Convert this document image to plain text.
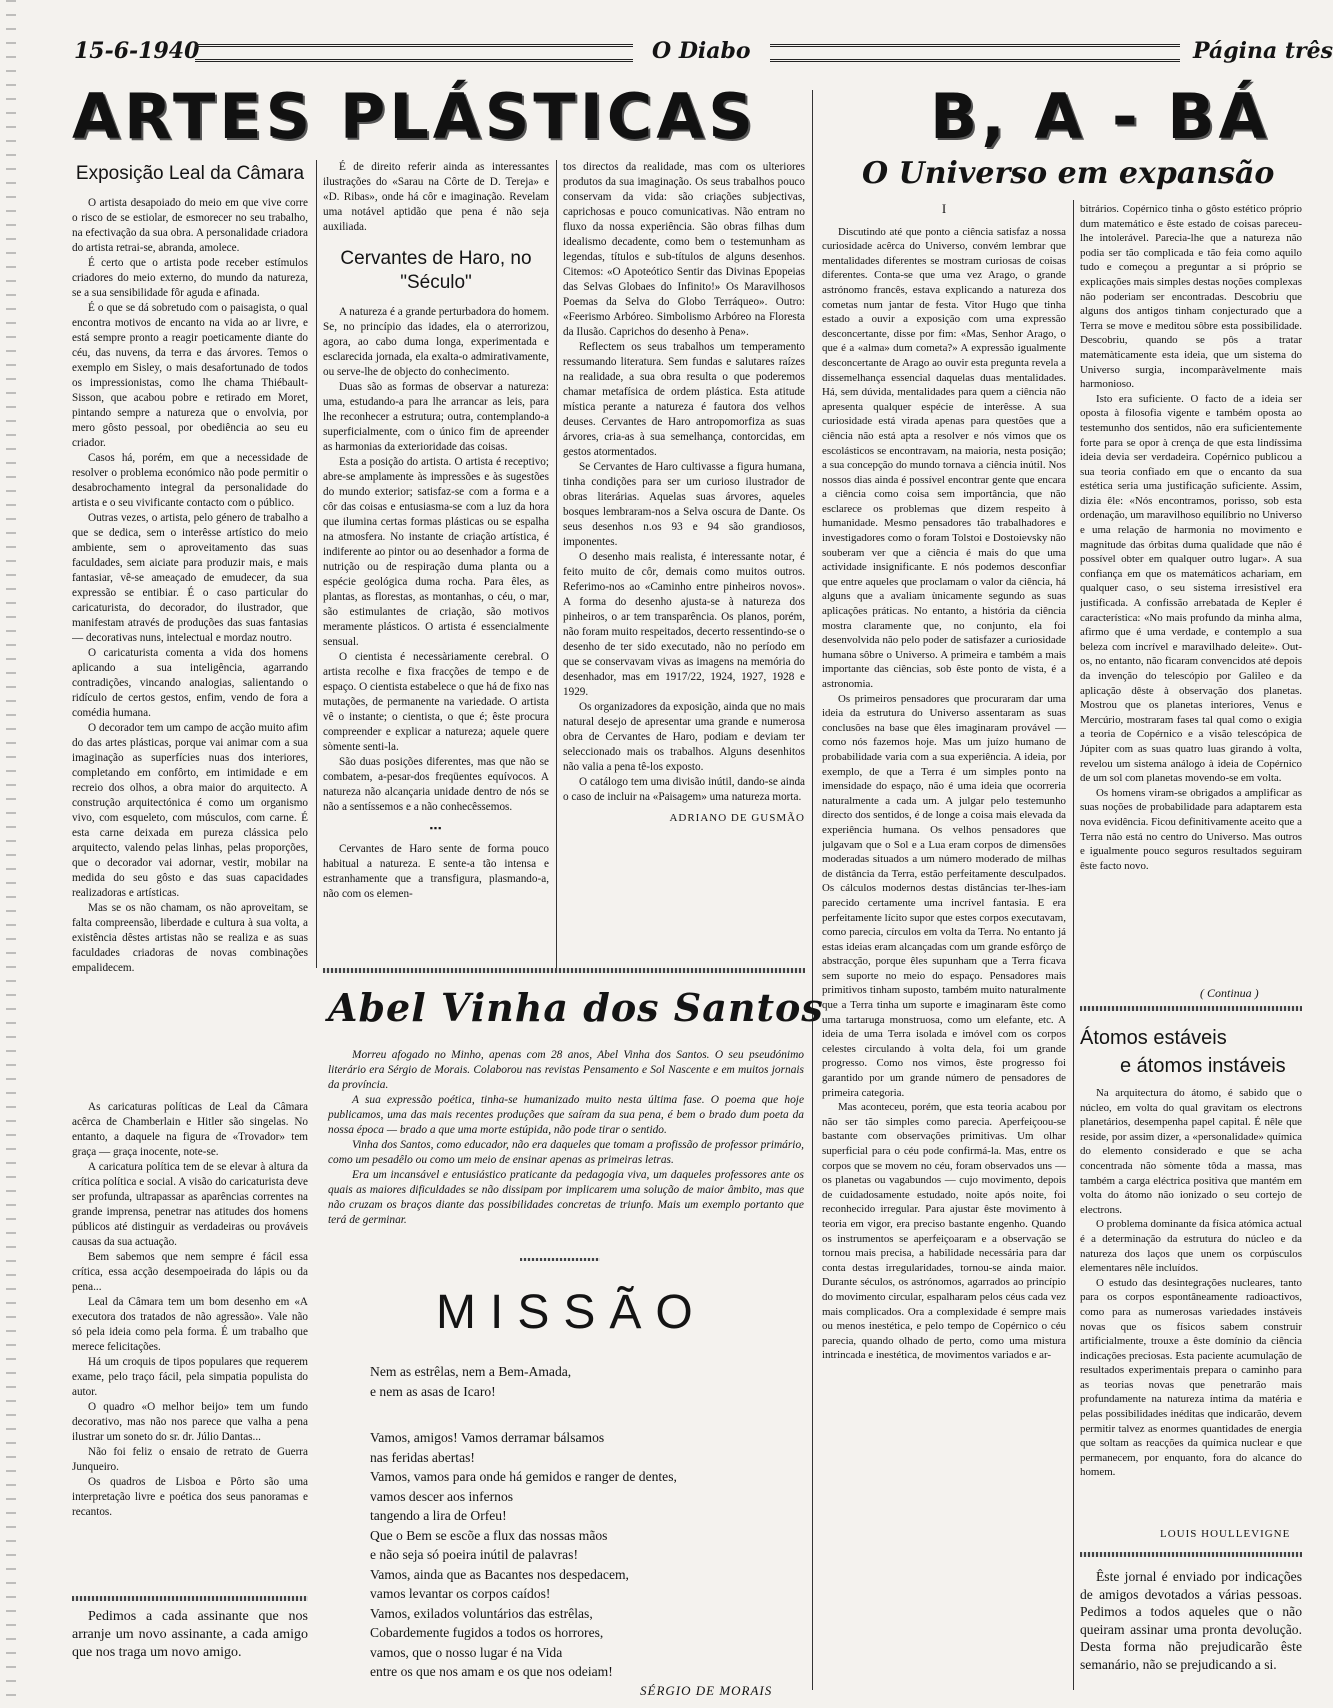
15-6-1940	O Diabo	Página três
ARTES PLÁSTICAS	B, A - BÁ
O Universo em expansão
Exposição Leal da Câmara

O artista desapoiado do meio em que vive corre o risco de se estiolar, de esmorecer no seu trabalho, na efectivação da sua obra. A personalidade criadora do artista retrai-se, abranda, amolece.

É certo que o artista pode receber estímulos criadores do meio externo, do mundo da natureza, se a sua sensibilidade fôr aguda e afinada.

É o que se dá sobretudo com o paisagista, o qual encontra motivos de encanto na vida ao ar livre, e está sempre pronto a reagir poeticamente diante do céu, das nuvens, da terra e das árvores. Temos o exemplo em Sisley, o mais desafortunado de todos os impressionistas, como lhe chama Thiébault-Sisson, que acabou pobre e retirado em Moret, pintando sempre a natureza que o envolvia, por mero gôsto pessoal, por obediência ao seu eu criador.

Casos há, porém, em que a necessidade de resolver o problema económico não pode permitir o desabrochamento integral da personalidade do artista e o seu vivificante contacto com o público.

Outras vezes, o artista, pelo género de trabalho a que se dedica, sem o interêsse artístico do meio ambiente, sem o aproveitamento das suas faculdades, sem aiciate para produzir mais, e mais fantasiar, vê-se ameaçado de emudecer, da sua expressão se entibiar. É o caso particular do caricaturista, do decorador, do ilustrador, que manifestam através de produções das suas fantasias — decorativas nuns, intelectual e mordaz noutro.

O caricaturista comenta a vida dos homens aplicando a sua inteligência, agarrando contradições, vincando analogias, salientando o ridículo de certos gestos, enfim, vendo de fora a comédia humana.

O decorador tem um campo de acção muito afim do das artes plásticas, porque vai animar com a sua imaginação as superfícies nuas dos interiores, completando em confôrto, em intimidade e em recreio dos olhos, a obra maior do arquitecto. A construção arquitectónica é como um organismo vivo, com esqueleto, com músculos, com carne. É esta carne deixada em pureza clássica pelo arquitecto, valendo pelas linhas, pelas proporções, que o decorador vai adornar, vestir, mobilar na medida do seu gôsto e das suas capacidades realizadoras e artísticas.

Mas se os não chamam, os não aproveitam, se falta compreensão, liberdade e cultura à sua volta, a existência dêstes artistas não se realiza e as suas faculdades criadoras de novas combinações empalidecem.

As caricaturas políticas de Leal da Câmara acêrca de Chamberlain e Hitler são singelas. No entanto, a daquele na figura de «Trovador» tem graça — graça inocente, note-se.

A caricatura política tem de se elevar à altura da crítica política e social. A visão do caricaturista deve ser profunda, ultrapassar as aparências correntes na grande imprensa, penetrar nas atitudes dos homens públicos até distinguir as verdadeiras ou prováveis causas da sua actuação.

Bem sabemos que nem sempre é fácil essa crítica, essa acção desempoeirada do lápis ou da pena...

Leal da Câmara tem um bom desenho em «A executora dos tratados de não agressão». Vale não só pela ideia como pela forma. É um trabalho que merece felicitações.

Há um croquis de tipos populares que requerem exame, pelo traço fácil, pela simpatia populista do autor.

O quadro «O melhor beijo» tem um fundo decorativo, mas não nos parece que valha a pena ilustrar um soneto do sr. dr. Júlio Dantas...

Não foi feliz o ensaio de retrato de Guerra Junqueiro.

Os quadros de Lisboa e Pôrto são uma interpretação livre e poética dos seus panoramas e recantos.

Pedimos a cada assinante que nos arranje um novo assinante, a cada amigo que nos traga um novo amigo.

É de direito referir ainda as interessantes ilustrações do «Sarau na Côrte de D. Tereja» e «D. Ribas», onde há côr e imaginação. Revelam uma notável aptidão que pena é não seja auxiliada.

Cervantes de Haro, no "Século"

A natureza é a grande perturbadora do homem. Se, no princípio das idades, ela o aterrorizou, agora, ao cabo duma longa, experimentada e esclarecida jornada, ela exalta-o admirativamente, ou serve-lhe de objecto do conhecimento.

Duas são as formas de observar a natureza: uma, estudando-a para lhe arrancar as leis, para lhe reconhecer a estrutura; outra, contemplando-a superficialmente, com o único fim de apreender as harmonias da exterioridade das coisas.

Esta a posição do artista. O artista é receptivo; abre-se amplamente às impressões e às sugestões do mundo exterior; satisfaz-se com a forma e a côr das coisas e entusiasma-se com a luz da hora que ilumina certas formas plásticas ou se espalha na atmosfera. No instante de criação artística, é indiferente ao pintor ou ao desenhador a forma de nutrição ou de respiração duma planta ou a espécie geológica duma rocha. Para êles, as plantas, as florestas, as montanhas, o céu, o mar, são estimulantes de criação, são motivos meramente plásticos. O artista é essencialmente sensual.

O cientista é necessàriamente cerebral. O artista recolhe e fixa fracções de tempo e de espaço. O cientista estabelece o que há de fixo nas mutações, de permanente na variedade. O artista vê o instante; o cientista, o que é; êste procura compreender e explicar a natureza; aquele quere sòmente senti-la.

São duas posições diferentes, mas que não se combatem, a-pesar-dos freqüentes equívocos. A natureza não alcançaria unidade dentro de nós se não a sentíssemos e a não conhecêssemos.

▪▪▪

Cervantes de Haro sente de forma pouco habitual a natureza. E sente-a tão intensa e estranhamente que a transfigura, plasmando-a, não com os elemen-

tos directos da realidade, mas com os ulteriores produtos da sua imaginação. Os seus trabalhos pouco conservam da vida: são criações subjectivas, caprichosas e pouco comunicativas. Não entram no fluxo da nossa experiência. São obras filhas dum idealismo decadente, como bem o testemunham as legendas, títulos e sub-títulos de alguns desenhos. Citemos: «O Apoteótico Sentir das Divinas Epopeias das Selvas Globaes do Infinito!» Os Maravilhosos Poemas da Selva do Globo Terráqueo». Outro: «Feerismo Arbóreo. Simbolismo Arbóreo na Floresta da Ilusão. Caprichos do desenho à Pena».

Reflectem os seus trabalhos um temperamento ressumando literatura. Sem fundas e salutares raízes na realidade, a sua obra resulta o que poderemos chamar metafísica de ordem plástica. Esta atitude mística perante a natureza é fautora dos velhos deuses. Cervantes de Haro antropomorfiza as suas árvores, cria-as à sua semelhança, contorcidas, em gestos atormentados.

Se Cervantes de Haro cultivasse a figura humana, tinha condições para ser um curioso ilustrador de obras literárias. Aquelas suas árvores, aqueles bosques lembraram-nos a Selva oscura de Dante. Os seus desenhos n.os 93 e 94 são grandiosos, imponentes.

O desenho mais realista, é interessante notar, é feito muito de côr, demais como muitos outros. Referimo-nos ao «Caminho entre pinheiros novos». A forma do desenho ajusta-se à natureza dos pinheiros, o ar tem transparência. Os planos, porém, não foram muito respeitados, decerto ressentindo-se o desenho de ter sido executado, não no período em que se conservavam vivas as imagens na memória do desenhador, mas em 1917/22, 1924, 1927, 1928 e 1929.

Os organizadores da exposição, ainda que no mais natural desejo de apresentar uma grande e numerosa obra de Cervantes de Haro, podiam e deviam ter seleccionado mais os trabalhos. Alguns desenhitos não valia a pena tê-los exposto.

O catálogo tem uma divisão inútil, dando-se ainda o caso de incluir na «Paisagem» uma natureza morta.

ADRIANO DE GUSMÃO
Abel Vinha dos Santos

Morreu afogado no Minho, apenas com 28 anos, Abel Vinha dos Santos. O seu pseudónimo literário era Sérgio de Morais. Colaborou nas revistas Pensamento e Sol Nascente e em muitos jornais da província.

A sua expressão poética, tinha-se humanizado muito nesta última fase. O poema que hoje publicamos, uma das mais recentes produções que saíram da sua pena, é bem o brado dum poeta da nossa época — brado a que uma morte estúpida, não pode tirar o sentido.

Vinha dos Santos, como educador, não era daqueles que tomam a profissão de professor primário, como um pesadêlo ou como um meio de ensinar apenas as primeiras letras.

Era um incansável e entusiástico praticante da pedagogia viva, um daqueles professores ante os quais as maiores dificuldades se não dissipam por implicarem uma solução de maior âmbito, mas que não cruzam os braços diante das possibilidades concretas de triunfo. Mais um exemplo portanto que terá de germinar.

MISSÃO
Nem as estrêlas, nem a Bem-Amada,
e nem as asas de Icaro!
Vamos, amigos! Vamos derramar bálsamos
nas feridas abertas!
Vamos, vamos para onde há gemidos e ranger de dentes,
vamos descer aos infernos
tangendo a lira de Orfeu!
Que o Bem se escõe a flux das nossas mãos
e não seja só poeira inútil de palavras!
Vamos, ainda que as Bacantes nos despedacem,
vamos levantar os corpos caídos!
Vamos, exilados voluntários das estrêlas,
Cobardemente fugidos a todos os horrores,
vamos, que o nosso lugar é na Vida
entre os que nos amam e os que nos odeiam!
SÉRGIO DE MORAIS
I

Discutindo até que ponto a ciência satisfaz a nossa curiosidade acêrca do Universo, convém lembrar que mentalidades diferentes se mostram curiosas de coisas diferentes. Conta-se que uma vez Arago, o grande astrónomo francês, estava explicando a natureza dos cometas num jantar de festa. Vitor Hugo que tinha estado a ouvir a exposição com uma expressão desconcertante, disse por fim: «Mas, Senhor Arago, o que é a «alma» dum cometa?» A expressão igualmente desconcertante de Arago ao ouvir esta pregunta revela a dissemelhança essencial daquelas duas mentalidades. Há, sem dúvida, mentalidades para quem a ciência não apresenta qualquer espécie de interêsse. A sua curiosidade está virada apenas para questões que a ciência não está apta a resolver e nós vimos que os escolásticos se encontravam, na maioria, nesta posição; a sua concepção do mundo tornava a ciência inútil. Nos nossos dias ainda é possível encontrar gente que encara a ciência como coisa sem importância, que não esclarece os problemas que dizem respeito à humanidade. Mesmo pensadores tão trabalhadores e investigadores como o foram Tolstoi e Dostoievsky não souberam ver que a ciência é mais do que uma actividade insignificante. E nós podemos desconfiar que entre aqueles que proclamam o valor da ciência, há alguns que a avaliam ùnicamente segundo as suas aplicações práticas. No entanto, a história da ciência mostra claramente que, no conjunto, ela foi desenvolvida não pelo poder de satisfazer a curiosidade humana sôbre o Universo. A primeira e também a mais importante das ciências, sob êste ponto de vista, é a astronomia.

Os primeiros pensadores que procuraram dar uma ideia da estrutura do Universo assentaram as suas conclusões na base que êles imaginaram provável — como nós fazemos hoje. Mas um juízo humano de probabilidade varia com a sua experiência. A ideia, por exemplo, de que a Terra é um simples ponto na imensidade do espaço, não é uma ideia que ocorreria naturalmente a cada um. A julgar pelo testemunho directo dos sentidos, é de longe a coisa mais elevada da experiência humana. Os velhos pensadores que julgavam que o Sol e a Lua eram corpos de dimensões moderadas situados a um número moderado de milhas de distância da Terra, estão perfeitamente desculpados. Os cálculos modernos destas distâncias ter-lhes-iam parecido certamente uma incrível fantasia. E era perfeitamente lícito supor que estes corpos executavam, como parecia, círculos em volta da Terra. No entanto já estas ideias eram alcançadas com um grande esfôrço de abstracção, porque êles supunham que a Terra ficava sem suporte no meio do espaço. Pensadores mais primitivos tinham suposto, também muito naturalmente que a Terra tinha um suporte e imaginaram êste como uma tartaruga monstruosa, como um elefante, etc. A ideia de uma Terra isolada e imóvel com os corpos celestes circulando à volta dela, foi um grande progresso. Como nos vimos, êste progresso foi garantido por um grande número de pensadores de primeira categoria.

Mas aconteceu, porém, que esta teoria acabou por não ser tão simples como parecia. Aperfeiçoou-se bastante com observações primitivas. Um olhar superficial para o céu pode confirmá-la. Mas, entre os corpos que se movem no céu, foram observados uns — os planetas ou vagabundos — cujo movimento, depois de cuidadosamente estudado, noite após noite, foi reconhecido irregular. Para ajustar êste movimento à teoria em vigor, era preciso bastante engenho. Quando os instrumentos se aperfeiçoaram e a observação se tornou mais precisa, a habilidade necessária para dar conta destas irregularidades, tornou-se ainda maior. Durante séculos, os astrónomos, agarrados ao princípio do movimento circular, espalharam pelos céus cada vez mais complicados. Ora a complexidade é sempre mais ou menos inestética, e pelo tempo de Copérnico o céu parecia, quando olhado de perto, como uma mistura intrincada e inestética, de movimentos variados e ar-

bitrários. Copérnico tinha o gôsto estético próprio dum matemático e êste estado de coisas pareceu-lhe intolerável. Parecia-lhe que a natureza não podia ser tão complicada e tão feia como aquilo tudo e começou a preguntar a si próprio se explicações mais simples destas noções complexas não poderiam ser encontradas. Descobriu que alguns dos antigos tinham conjecturado que a Terra se move e meditou sôbre esta possibilidade. Descobriu, quando se pôs a tratar matemàticamente esta ideia, que um sistema do Universo surgia, incomparàvelmente mais harmonioso.

Isto era suficiente. O facto de a ideia ser oposta à filosofia vigente e também oposta ao testemunho dos sentidos, não era suficientemente forte para se opor à crença de que esta lindíssima ideia devia ser verdadeira. Copérnico publicou a sua teoria confiado em que o encanto da sua estética seria uma justificação suficiente. Assim, dizia êle: «Nós encontramos, porisso, sob esta ordenação, um maravilhoso equilíbrio no Universo e uma relação de harmonia no movimento e magnitude das órbitas duma qualidade que não é possível obter em qualquer outro lugar». A sua confiança em que os matemáticos achariam, em qualquer caso, o seu sistema irresistível era justificada. A confissão arrebatada de Kepler é característica: «No mais profundo da minha alma, afirmo que é uma verdade, e contemplo a sua beleza com incrível e maravilhado deleite». Out-os, no entanto, não ficaram convencidos até depois da invenção do telescópio por Galileo e da aplicação dêste à observação dos planetas. Mostrou que os planetas interiores, Venus e Mercúrio, mostraram fases tal qual como o exigia a teoria de Copérnico e a visão telescópica de Júpiter com as suas quatro luas girando à volta, revelou um sistema análogo à ideia de Copérnico de um sol com planetas movendo-se em volta.

Os homens viram-se obrigados a amplificar as suas noções de probabilidade para adaptarem esta nova evidência. Ficou definitivamente aceito que a Terra não está no centro do Universo. Mas outros e igualmente pouco seguros resultados seguiram êste facto novo.

( Continua )
Átomos estáveis
e átomos instáveis

Na arquitectura do átomo, é sabido que o núcleo, em volta do qual gravitam os electrons planetários, desempenha papel capital. É nêle que reside, por assim dizer, a «personalidade» química do elemento considerado e que se acha concentrada não sòmente tôda a massa, mas também a carga eléctrica positiva que mantém em volta do átomo não ionizado o seu cortejo de electrons.

O problema dominante da física atómica actual é a determinação da estrutura do núcleo e da natureza dos laços que unem os corpúsculos elementares nêle incluídos.

O estudo das desintegrações nucleares, tanto para os corpos espontâneamente radioactivos, como para as numerosas variedades instáveis novas que os físicos sabem construir artificialmente, trouxe a êste domínio da ciência indicações preciosas. Esta paciente acumulação de resultados experimentais prepara o caminho para as teorias novas que penetrarão mais profundamente na natureza íntima da matéria e pelas possibilidades inéditas que indicarão, devem permitir talvez as enormes quantidades de energia que soltam as reacções da química nuclear e que permanecem, por enquanto, fora do alcance do homem.

LOUIS HOULLEVIGNE

Êste jornal é enviado por indicações de amigos devotados a várias pessoas. Pedimos a todos aqueles que o não queiram assinar uma pronta devolução. Desta forma não prejudicarão êste semanário, não se prejudicando a si.
